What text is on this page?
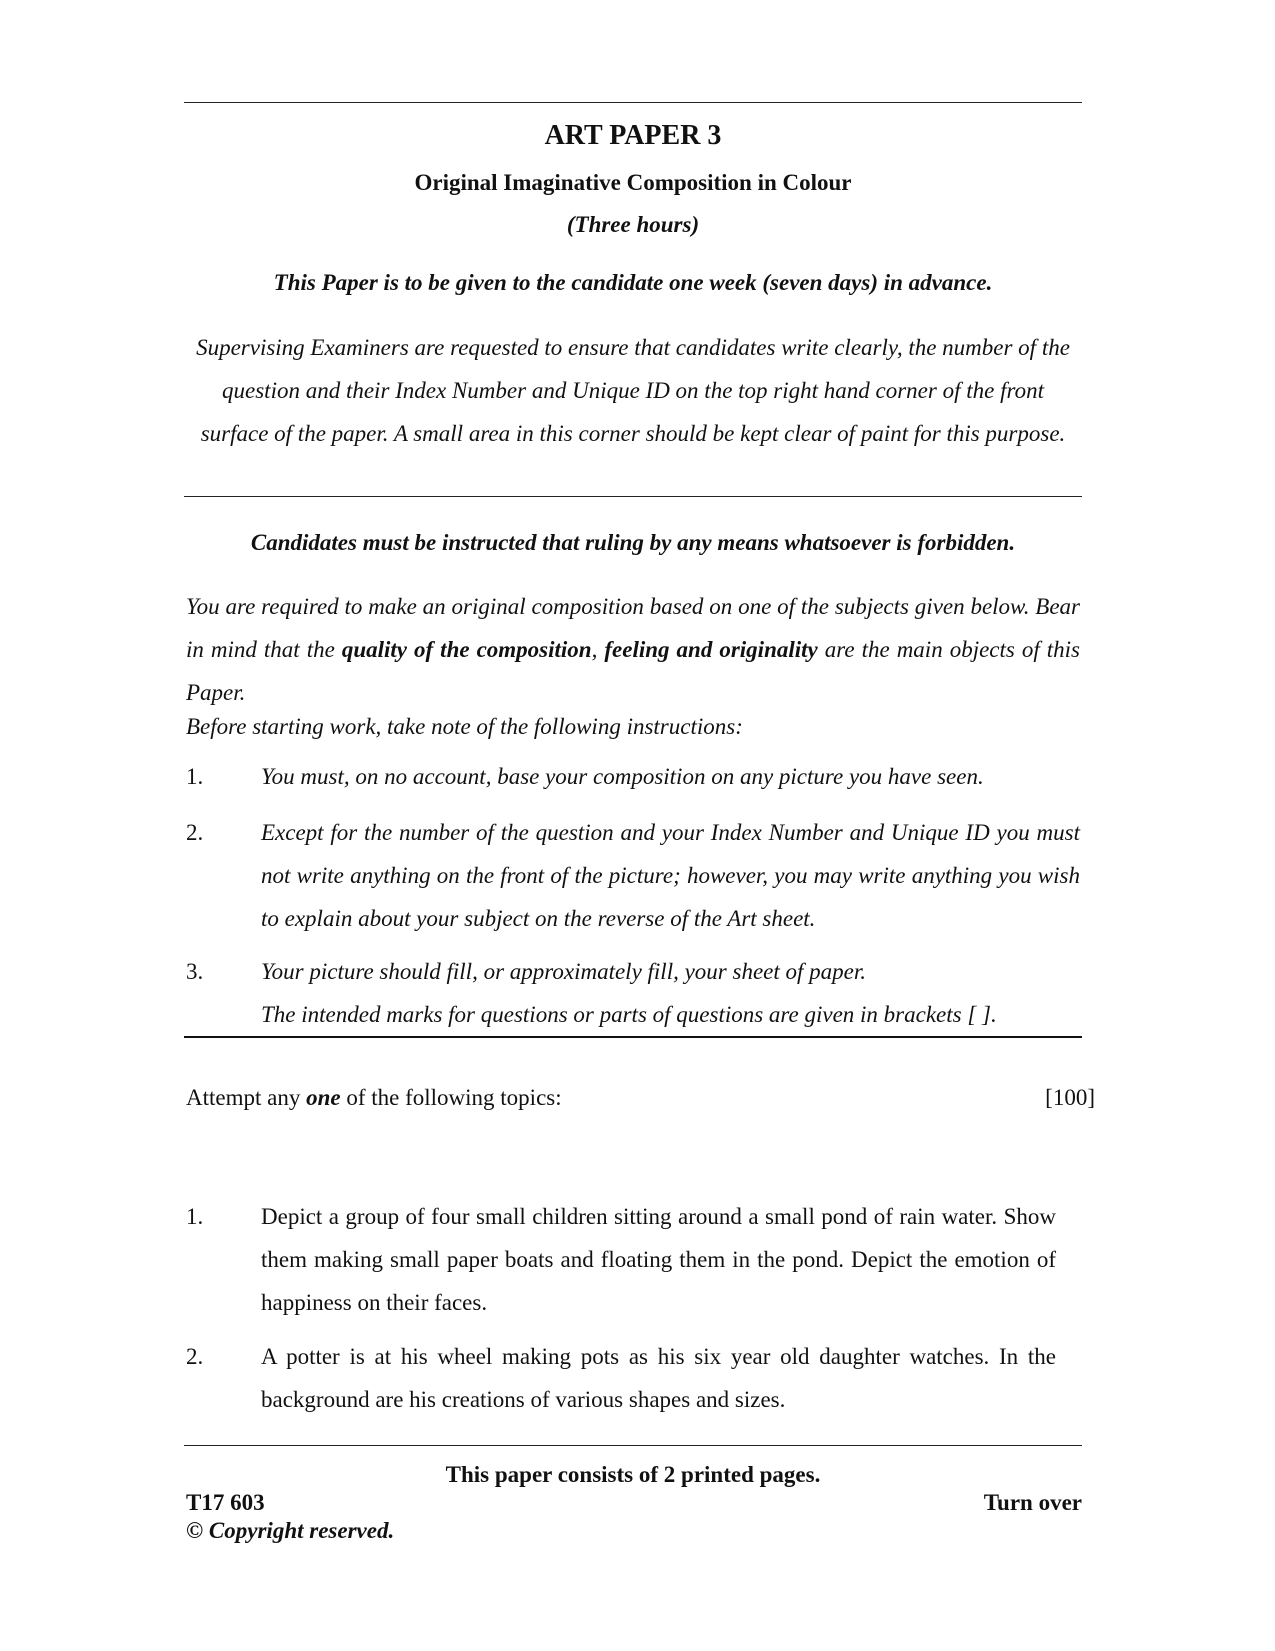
ART PAPER 3
Original Imaginative Composition in Colour
(Three hours)
This Paper is to be given to the candidate one week (seven days) in advance.
Supervising Examiners are requested to ensure that candidates write clearly, the number of the question and their Index Number and Unique ID on the top right hand corner of the front surface of the paper. A small area in this corner should be kept clear of paint for this purpose.
Candidates must be instructed that ruling by any means whatsoever is forbidden.
You are required to make an original composition based on one of the subjects given below. Bear in mind that the quality of the composition, feeling and originality are the main objects of this Paper.
Before starting work, take note of the following instructions:
1.	You must, on no account, base your composition on any picture you have seen.
2.	Except for the number of the question and your Index Number and Unique ID you must not write anything on the front of the picture; however, you may write anything you wish to explain about your subject on the reverse of the Art sheet.
3.	Your picture should fill, or approximately fill, your sheet of paper.
The intended marks for questions or parts of questions are given in brackets [ ].
Attempt any one of the following topics:	[100]
1.	Depict a group of four small children sitting around a small pond of rain water. Show them making small paper boats and floating them in the pond. Depict the emotion of happiness on their faces.
2.	A potter is at his wheel making pots as his six year old daughter watches. In the background are his creations of various shapes and sizes.
This paper consists of 2 printed pages.
T17 603	Turn over
© Copyright reserved.
